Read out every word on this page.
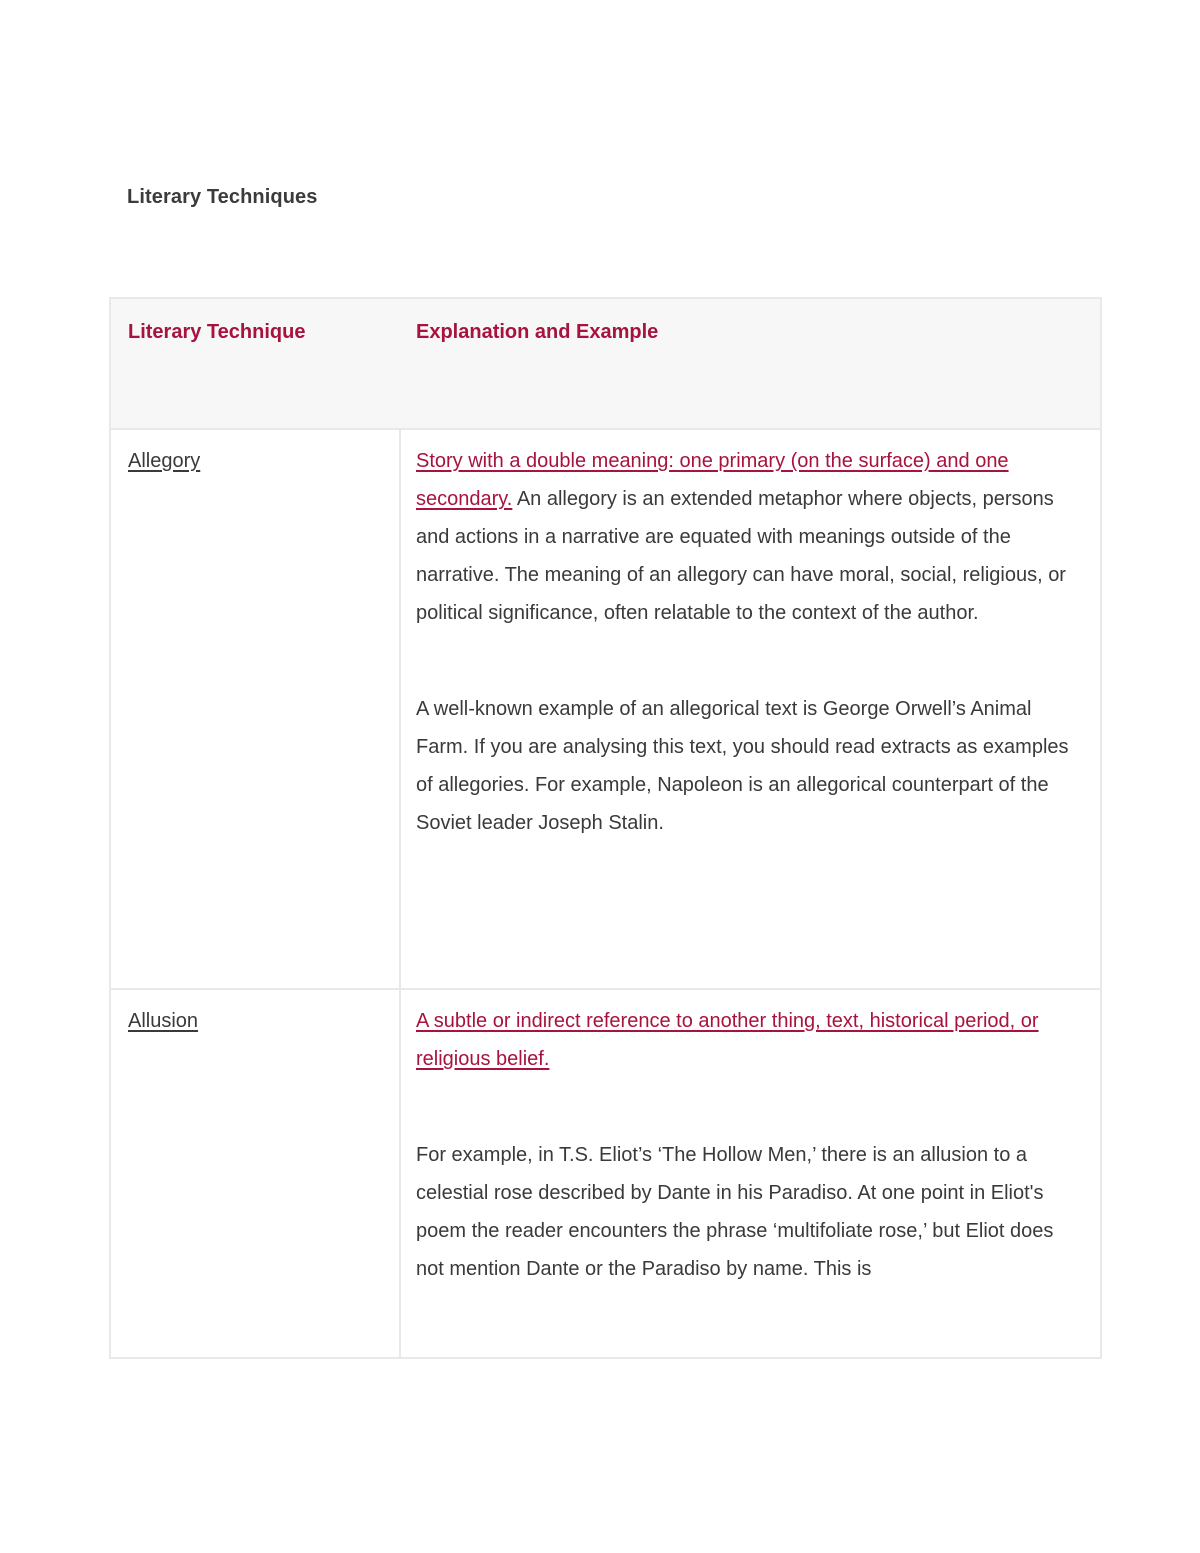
Literary Techniques
Literary Technique	Explanation and Example
Allegory	Story with a double meaning: one primary (on the surface) and one secondary. An allegory is an extended metaphor where objects, persons and actions in a narrative are equated with meanings outside of the narrative. The meaning of an allegory can have moral, social, religious, or political significance, often relatable to the context of the author.

A well-known example of an allegorical text is George Orwell’s Animal Farm. If you are analysing this text, you should read extracts as examples of allegories. For example, Napoleon is an allegorical counterpart of the Soviet leader Joseph Stalin.

Allusion	A subtle or indirect reference to another thing, text, historical period, or religious belief.

For example, in T.S. Eliot’s ‘The Hollow Men,’ there is an allusion to a celestial rose described by Dante in his Paradiso. At one point in Eliot's poem the reader encounters the phrase ‘multifoliate rose,’ but Eliot does not mention Dante or the Paradiso by name. This is
